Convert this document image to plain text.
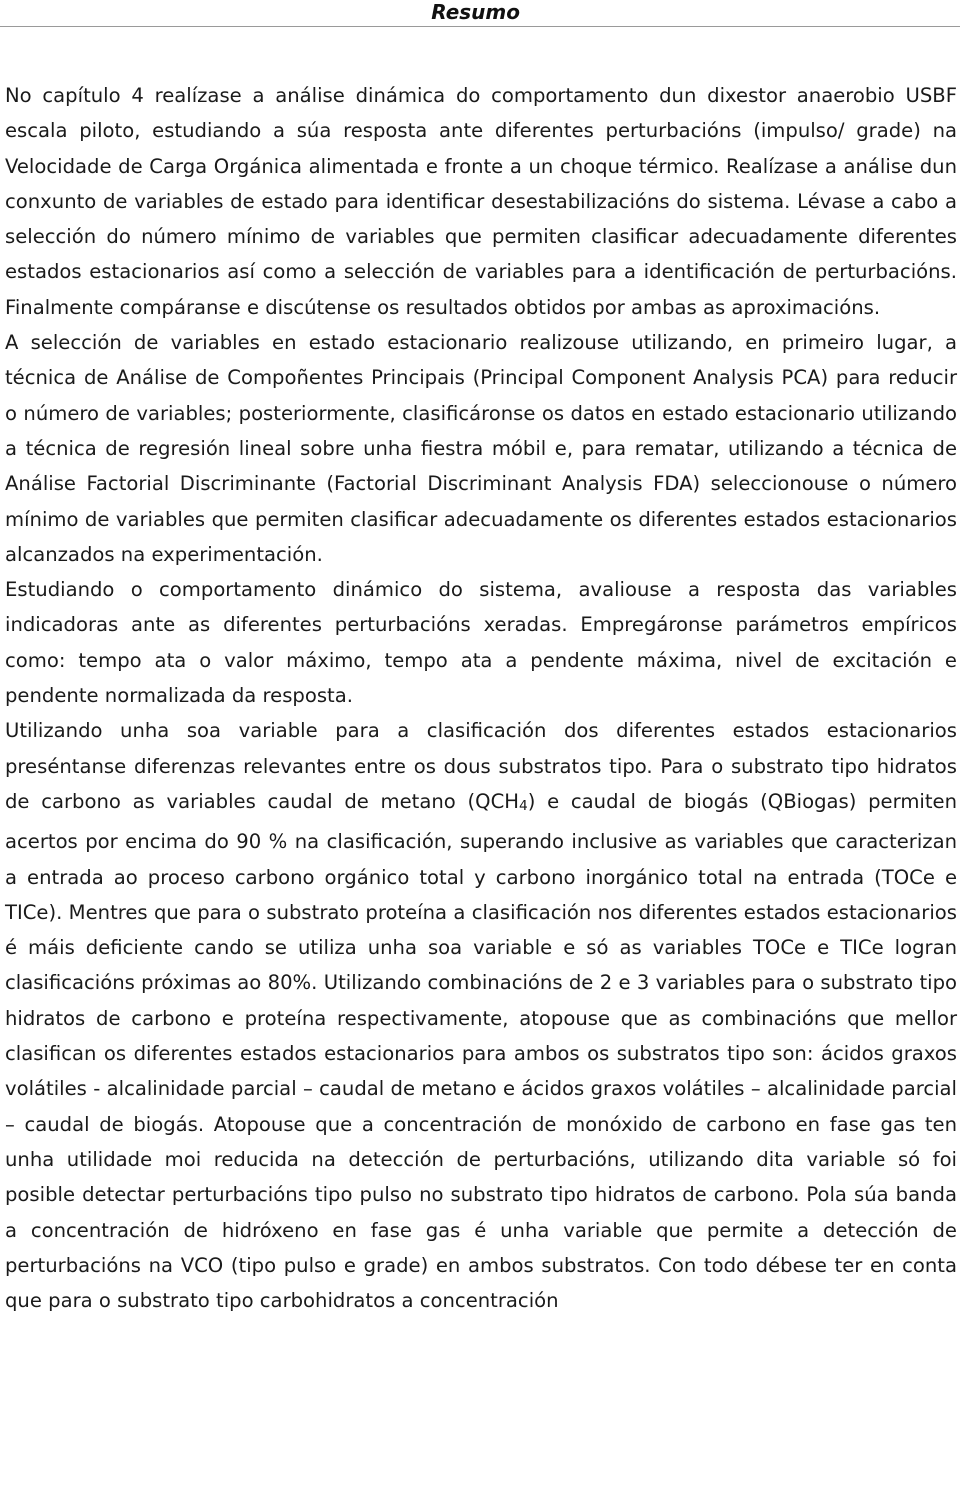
Resumo

No capítulo 4 realízase a análise dinámica do comportamento dun dixestor anaerobio USBF escala piloto, estudiando a súa resposta ante diferentes perturbacións (impulso/ grade) na Velocidade de Carga Orgánica alimentada e fronte a un choque térmico. Realízase a análise dun conxunto de variables de estado para identificar desestabilizacións do sistema. Lévase a cabo a selección do número mínimo de variables que permiten clasificar adecuadamente diferentes estados estacionarios así como a selección de variables para a identificación de perturbacións. Finalmente compáranse e discútense os resultados obtidos por ambas as aproximacións.

A selección de variables en estado estacionario realizouse utilizando, en primeiro lugar, a técnica de Análise de Compoñentes Principais (Principal Component Analysis PCA) para reducir o número de variables; posteriormente, clasificáronse os datos en estado estacionario utilizando a técnica de regresión lineal sobre unha fiestra móbil e, para rematar, utilizando a técnica de Análise Factorial Discriminante (Factorial Discriminant Analysis FDA) seleccionouse o número mínimo de variables que permiten clasificar adecuadamente os diferentes estados estacionarios alcanzados na experimentación.

Estudiando o comportamento dinámico do sistema, avaliouse a resposta das variables indicadoras ante as diferentes perturbacións xeradas. Empregáronse parámetros empíricos como: tempo ata o valor máximo, tempo ata a pendente máxima, nivel de excitación e pendente normalizada da resposta.

Utilizando unha soa variable para a clasificación dos diferentes estados estacionarios preséntanse diferenzas relevantes entre os dous substratos tipo. Para o substrato tipo hidratos de carbono as variables caudal de metano (QCH4) e caudal de biogás (QBiogas) permiten acertos por encima do 90 % na clasificación, superando inclusive as variables que caracterizan a entrada ao proceso carbono orgánico total y carbono inorgánico total na entrada (TOCe e TICe). Mentres que para o substrato proteína a clasificación nos diferentes estados estacionarios é máis deficiente cando se utiliza unha soa variable e só as variables TOCe e TICe logran clasificacións próximas ao 80%. Utilizando combinacións de 2 e 3 variables para o substrato tipo hidratos de carbono e proteína respectivamente, atopouse que as combinacións que mellor clasifican os diferentes estados estacionarios para ambos os substratos tipo son: ácidos graxos volátiles - alcalinidade parcial – caudal de metano e ácidos graxos volátiles – alcalinidade parcial – caudal de biogás. Atopouse que a concentración de monóxido de carbono en fase gas ten unha utilidade moi reducida na detección de perturbacións, utilizando dita variable só foi posible detectar perturbacións tipo pulso no substrato tipo hidratos de carbono. Pola súa banda a concentración de hidróxeno en fase gas é unha variable que permite a detección de perturbacións na VCO (tipo pulso e grade) en ambos substratos. Con todo débese ter en conta que para o substrato tipo carbohidratos a concentración
